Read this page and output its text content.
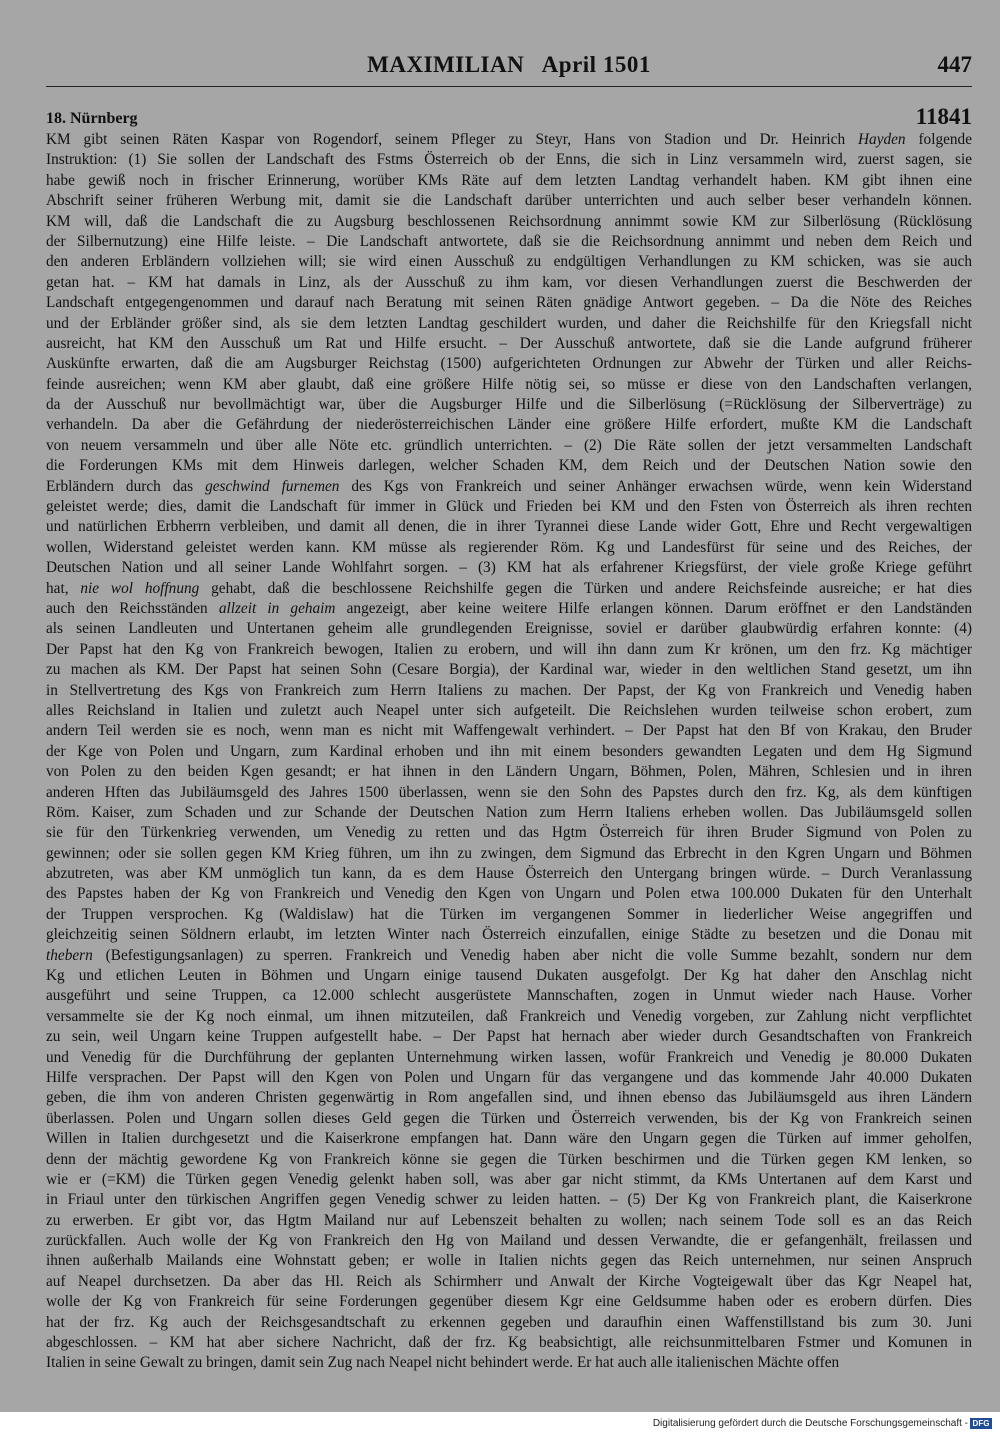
MAXIMILIAN   April 1501	447
18. Nürnberg	11841
KM gibt seinen Räten Kaspar von Rogendorf, seinem Pfleger zu Steyr, Hans von Stadion und Dr. Heinrich Hayden folgende
Instruktion: (1) Sie sollen der Landschaft des Fstms Österreich ob der Enns, die sich in Linz versammeln wird, zuerst sagen, sie
habe gewiß noch in frischer Erinnerung, worüber KMs Räte auf dem letzten Landtag verhandelt haben. KM gibt ihnen eine
Abschrift seiner früheren Werbung mit, damit sie die Landschaft darüber unterrichten und auch selber beser verhandeln können.
KM will, daß die Landschaft die zu Augsburg beschlossenen Reichsordnung annimmt sowie KM zur Silberlösung (Rücklösung
der Silbernutzung) eine Hilfe leiste. – Die Landschaft antwortete, daß sie die Reichsordnung annimmt und neben dem Reich und
den anderen Erbländern vollziehen will; sie wird einen Ausschuß zu endgültigen Verhandlungen zu KM schicken, was sie auch
getan hat. – KM hat damals in Linz, als der Ausschuß zu ihm kam, vor diesen Verhandlungen zuerst die Beschwerden der
Landschaft entgegengenommen und darauf nach Beratung mit seinen Räten gnädige Antwort gegeben. – Da die Nöte des Reiches
und der Erbländer größer sind, als sie dem letzten Landtag geschildert wurden, und daher die Reichshilfe für den Kriegsfall nicht
ausreicht, hat KM den Ausschuß um Rat und Hilfe ersucht. – Der Ausschuß antwortete, daß sie die Lande aufgrund früherer
Auskünfte erwarten, daß die am Augsburger Reichstag (1500) aufgerichteten Ordnungen zur Abwehr der Türken und aller Reichs-
feinde ausreichen; wenn KM aber glaubt, daß eine größere Hilfe nötig sei, so müsse er diese von den Landschaften verlangen,
da der Ausschuß nur bevollmächtigt war, über die Augsburger Hilfe und die Silberlösung (=Rücklösung der Silberverträge) zu
verhandeln. Da aber die Gefährdung der niederösterreichischen Länder eine größere Hilfe erfordert, mußte KM die Landschaft
von neuem versammeln und über alle Nöte etc. gründlich unterrichten. – (2) Die Räte sollen der jetzt versammelten Landschaft
die Forderungen KMs mit dem Hinweis darlegen, welcher Schaden KM, dem Reich und der Deutschen Nation sowie den
Erbländern durch das geschwind furnemen des Kgs von Frankreich und seiner Anhänger erwachsen würde, wenn kein Widerstand
geleistet werde; dies, damit die Landschaft für immer in Glück und Frieden bei KM und den Fsten von Österreich als ihren rechten
und natürlichen Erbherrn verbleiben, und damit all denen, die in ihrer Tyrannei diese Lande wider Gott, Ehre und Recht vergewaltigen
wollen, Widerstand geleistet werden kann. KM müsse als regierender Röm. Kg und Landesfürst für seine und des Reiches, der
Deutschen Nation und all seiner Lande Wohlfahrt sorgen. – (3) KM hat als erfahrener Kriegsfürst, der viele große Kriege geführt
hat, nie wol hoffnung gehabt, daß die beschlossene Reichshilfe gegen die Türken und andere Reichsfeinde ausreiche; er hat dies
auch den Reichsständen allzeit in gehaim angezeigt, aber keine weitere Hilfe erlangen können. Darum eröffnet er den Landständen
als seinen Landleuten und Untertanen geheim alle grundlegenden Ereignisse, soviel er darüber glaubwürdig erfahren konnte: (4)
Der Papst hat den Kg von Frankreich bewogen, Italien zu erobern, und will ihn dann zum Kr krönen, um den frz. Kg mächtiger
zu machen als KM. Der Papst hat seinen Sohn (Cesare Borgia), der Kardinal war, wieder in den weltlichen Stand gesetzt, um ihn
in Stellvertretung des Kgs von Frankreich zum Herrn Italiens zu machen. Der Papst, der Kg von Frankreich und Venedig haben
alles Reichsland in Italien und zuletzt auch Neapel unter sich aufgeteilt. Die Reichslehen wurden teilweise schon erobert, zum
andern Teil werden sie es noch, wenn man es nicht mit Waffengewalt verhindert. – Der Papst hat den Bf von Krakau, den Bruder
der Kge von Polen und Ungarn, zum Kardinal erhoben und ihn mit einem besonders gewandten Legaten und dem Hg Sigmund
von Polen zu den beiden Kgen gesandt; er hat ihnen in den Ländern Ungarn, Böhmen, Polen, Mähren, Schlesien und in ihren
anderen Hften das Jubiläumsgeld des Jahres 1500 überlassen, wenn sie den Sohn des Papstes durch den frz. Kg, als dem künftigen
Röm. Kaiser, zum Schaden und zur Schande der Deutschen Nation zum Herrn Italiens erheben wollen. Das Jubiläumsgeld sollen
sie für den Türkenkrieg verwenden, um Venedig zu retten und das Hgtm Österreich für ihren Bruder Sigmund von Polen zu
gewinnen; oder sie sollen gegen KM Krieg führen, um ihn zu zwingen, dem Sigmund das Erbrecht in den Kgren Ungarn und Böhmen
abzutreten, was aber KM unmöglich tun kann, da es dem Hause Österreich den Untergang bringen würde. – Durch Veranlassung
des Papstes haben der Kg von Frankreich und Venedig den Kgen von Ungarn und Polen etwa 100.000 Dukaten für den Unterhalt
der Truppen versprochen. Kg (Waldislaw) hat die Türken im vergangenen Sommer in liederlicher Weise angegriffen und
gleichzeitig seinen Söldnern erlaubt, im letzten Winter nach Österreich einzufallen, einige Städte zu besetzen und die Donau mit
thebern (Befestigungsanlagen) zu sperren. Frankreich und Venedig haben aber nicht die volle Summe bezahlt, sondern nur dem
Kg und etlichen Leuten in Böhmen und Ungarn einige tausend Dukaten ausgefolgt. Der Kg hat daher den Anschlag nicht
ausgeführt und seine Truppen, ca 12.000 schlecht ausgerüstete Mannschaften, zogen in Unmut wieder nach Hause. Vorher
versammelte sie der Kg noch einmal, um ihnen mitzuteilen, daß Frankreich und Venedig vorgeben, zur Zahlung nicht verpflichtet
zu sein, weil Ungarn keine Truppen aufgestellt habe. – Der Papst hat hernach aber wieder durch Gesandtschaften von Frankreich
und Venedig für die Durchführung der geplanten Unternehmung wirken lassen, wofür Frankreich und Venedig je 80.000 Dukaten
Hilfe versprachen. Der Papst will den Kgen von Polen und Ungarn für das vergangene und das kommende Jahr 40.000 Dukaten
geben, die ihm von anderen Christen gegenwärtig in Rom angefallen sind, und ihnen ebenso das Jubiläumsgeld aus ihren Ländern
überlassen. Polen und Ungarn sollen dieses Geld gegen die Türken und Österreich verwenden, bis der Kg von Frankreich seinen
Willen in Italien durchgesetzt und die Kaiserkrone empfangen hat. Dann wäre den Ungarn gegen die Türken auf immer geholfen,
denn der mächtig gewordene Kg von Frankreich könne sie gegen die Türken beschirmen und die Türken gegen KM lenken, so
wie er (=KM) die Türken gegen Venedig gelenkt haben soll, was aber gar nicht stimmt, da KMs Untertanen auf dem Karst und
in Friaul unter den türkischen Angriffen gegen Venedig schwer zu leiden hatten. – (5) Der Kg von Frankreich plant, die Kaiserkrone
zu erwerben. Er gibt vor, das Hgtm Mailand nur auf Lebenszeit behalten zu wollen; nach seinem Tode soll es an das Reich
zurückfallen. Auch wolle der Kg von Frankreich den Hg von Mailand und dessen Verwandte, die er gefangenhält, freilassen und
ihnen außerhalb Mailands eine Wohnstatt geben; er wolle in Italien nichts gegen das Reich unternehmen, nur seinen Anspruch
auf Neapel durchsetzen. Da aber das Hl. Reich als Schirmherr und Anwalt der Kirche Vogteigewalt über das Kgr Neapel hat,
wolle der Kg von Frankreich für seine Forderungen gegenüber diesem Kgr eine Geldsumme haben oder es erobern dürfen. Dies
hat der frz. Kg auch der Reichsgesandtschaft zu erkennen gegeben und daraufhin einen Waffenstillstand bis zum 30. Juni
abgeschlossen. – KM hat aber sichere Nachricht, daß der frz. Kg beabsichtigt, alle reichsunmittelbaren Fstmer und Komunen in
Italien in seine Gewalt zu bringen, damit sein Zug nach Neapel nicht behindert werde. Er hat auch alle italienischen Mächte offen
Digitalisierung gefördert durch die Deutsche Forschungsgemeinschaft - DFG
